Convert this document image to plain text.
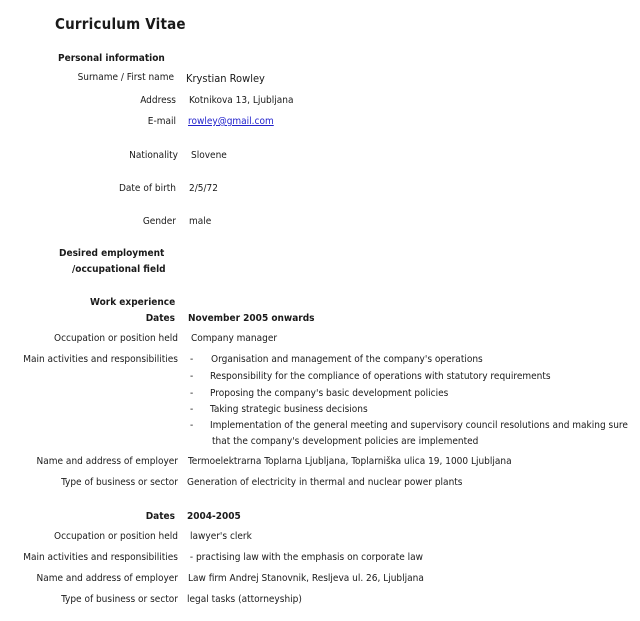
Curriculum Vitae
Personal information
Surname / First name Krystian Rowley
Address Kotnikova 13, Ljubljana
E-mail rowley@gmail.com
Nationality Slovene
Date of birth 2/5/72
Gender male
Desired employment
/occupational field
Work experience
Dates November 2005 onwards
Occupation or position held Company manager
Main activities and responsibilities - Organisation and management of the company's operations
- Responsibility for the compliance of operations with statutory requirements
- Proposing the company's basic development policies
- Taking strategic business decisions
- Implementation of the general meeting and supervisory council resolutions and making sure
that the company's development policies are implemented
Name and address of employer Termoelektrarna Toplarna Ljubljana, Toplarniška ulica 19, 1000 Ljubljana
Type of business or sector Generation of electricity in thermal and nuclear power plants
Dates 2004-2005
Occupation or position held lawyer's clerk
Main activities and responsibilities - practising law with the emphasis on corporate law
Name and address of employer Law firm Andrej Stanovnik, Resljeva ul. 26, Ljubljana
Type of business or sector legal tasks (attorneyship)
